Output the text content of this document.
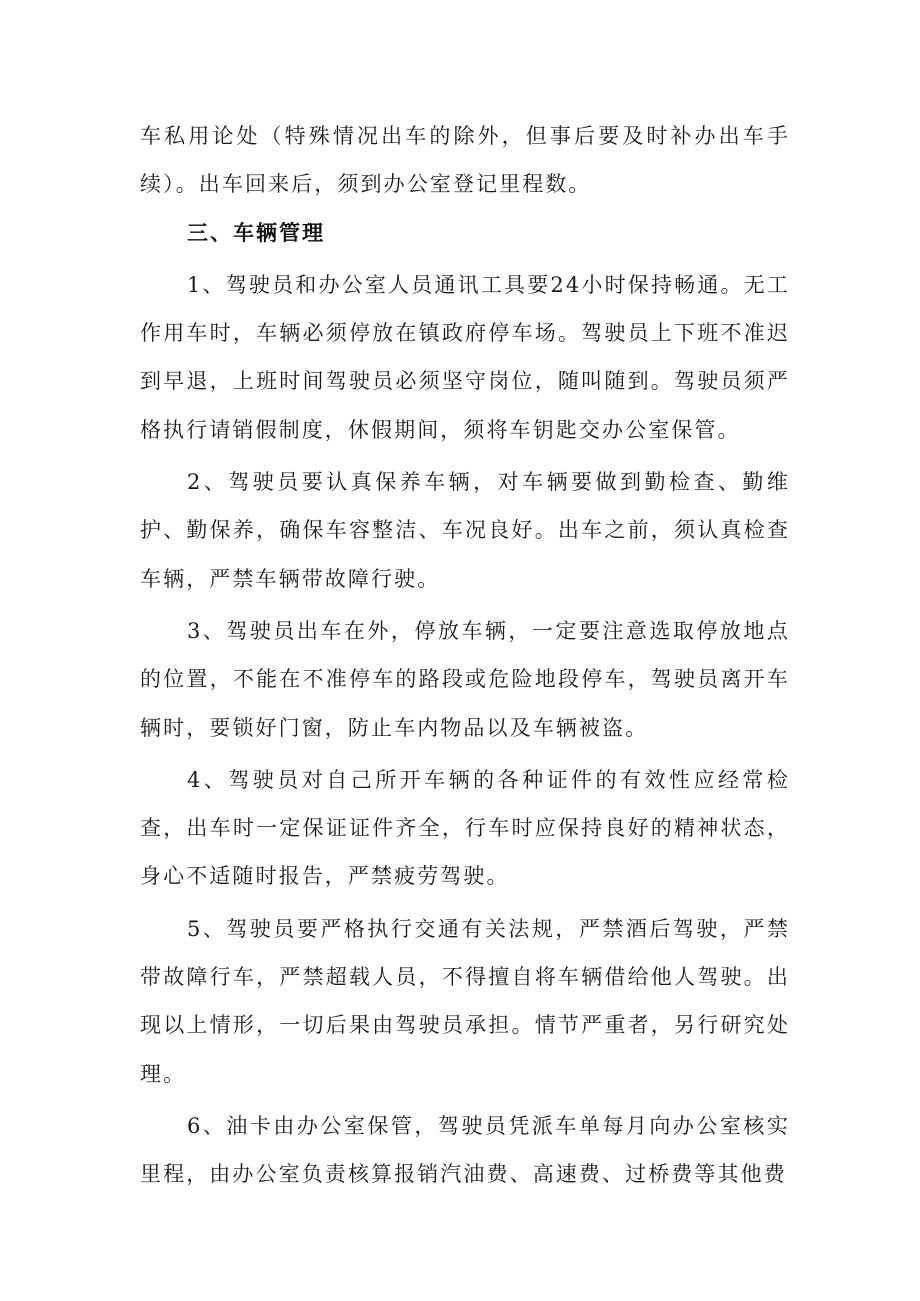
车私用论处（特殊情况出车的除外，但事后要及时补办出车手续）。出车回来后，须到办公室登记里程数。

三、车辆管理

1、驾驶员和办公室人员通讯工具要24小时保持畅通。无工作用车时，车辆必须停放在镇政府停车场。驾驶员上下班不准迟到早退，上班时间驾驶员必须坚守岗位，随叫随到。驾驶员须严格执行请销假制度，休假期间，须将车钥匙交办公室保管。

2、驾驶员要认真保养车辆，对车辆要做到勤检查、勤维护、勤保养，确保车容整洁、车况良好。出车之前，须认真检查车辆，严禁车辆带故障行驶。

3、驾驶员出车在外，停放车辆，一定要注意选取停放地点的位置，不能在不准停车的路段或危险地段停车，驾驶员离开车辆时，要锁好门窗，防止车内物品以及车辆被盗。

4、驾驶员对自己所开车辆的各种证件的有效性应经常检查，出车时一定保证证件齐全，行车时应保持良好的精神状态，身心不适随时报告，严禁疲劳驾驶。

5、驾驶员要严格执行交通有关法规，严禁酒后驾驶，严禁带故障行车，严禁超载人员，不得擅自将车辆借给他人驾驶。出现以上情形，一切后果由驾驶员承担。情节严重者，另行研究处理。

6、油卡由办公室保管，驾驶员凭派车单每月向办公室核实里程，由办公室负责核算报销汽油费、高速费、过桥费等其他费
